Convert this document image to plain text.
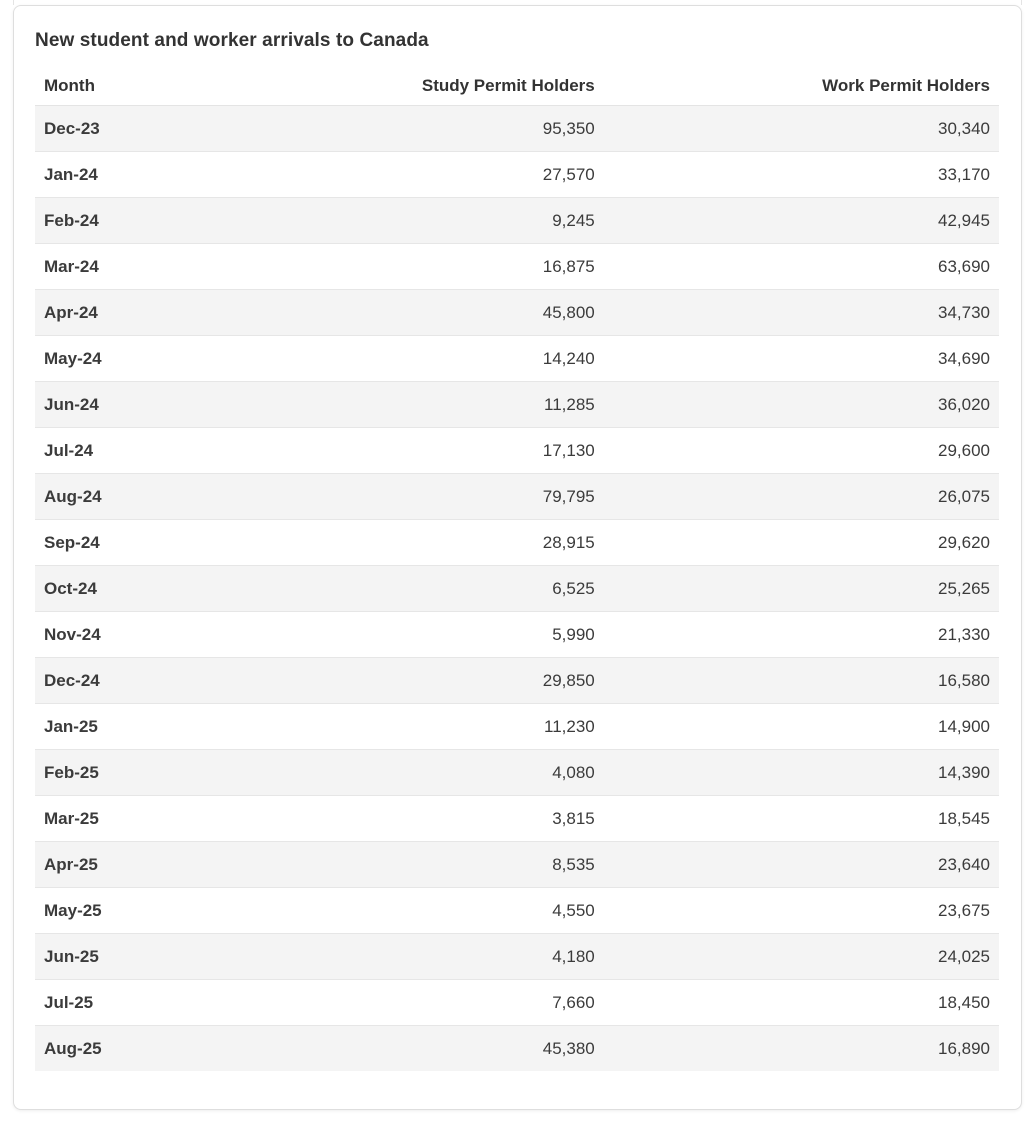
New student and worker arrivals to Canada
Month	Study Permit Holders	Work Permit Holders
Dec-23	95,350	30,340
Jan-24	27,570	33,170
Feb-24	9,245	42,945
Mar-24	16,875	63,690
Apr-24	45,800	34,730
May-24	14,240	34,690
Jun-24	11,285	36,020
Jul-24	17,130	29,600
Aug-24	79,795	26,075
Sep-24	28,915	29,620
Oct-24	6,525	25,265
Nov-24	5,990	21,330
Dec-24	29,850	16,580
Jan-25	11,230	14,900
Feb-25	4,080	14,390
Mar-25	3,815	18,545
Apr-25	8,535	23,640
May-25	4,550	23,675
Jun-25	4,180	24,025
Jul-25	7,660	18,450
Aug-25	45,380	16,890
